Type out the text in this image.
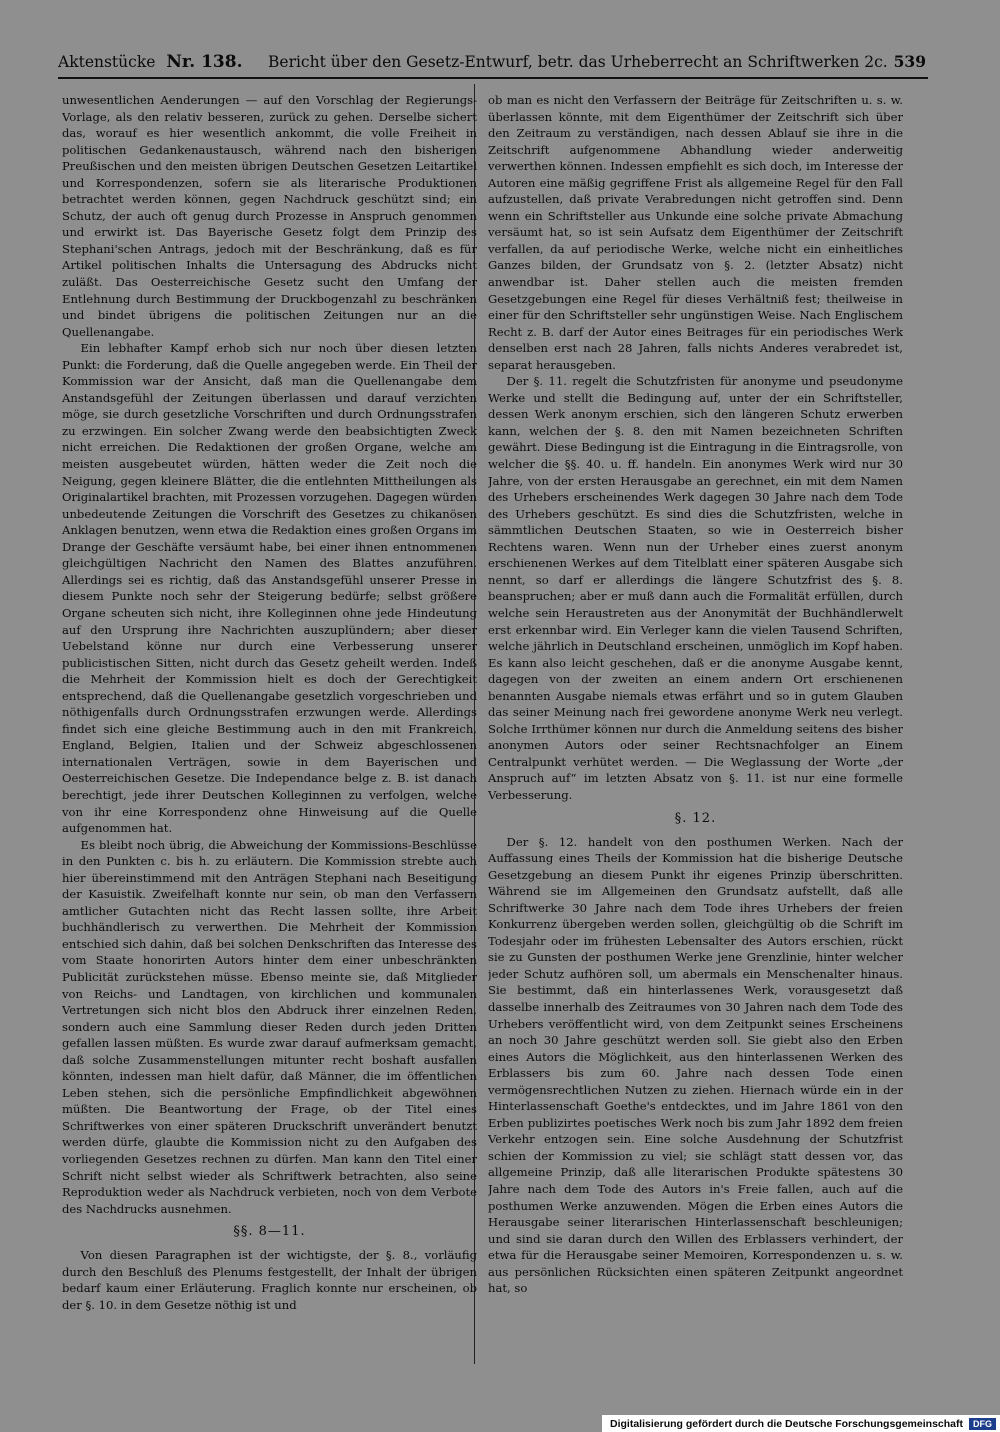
Aktenstücke Nr. 138.	Bericht über den Gesetz-Entwurf, betr. das Urheberrecht an Schriftwerken 2c. 539

unwesentlichen Aenderungen — auf den Vorschlag der Regierungs-Vorlage, als den relativ besseren, zurück zu gehen. Derselbe sichert das, worauf es hier wesentlich ankommt, die volle Freiheit in politischen Gedankenaustausch, während nach den bisherigen Preußischen und den meisten übrigen Deutschen Gesetzen Leitartikel und Korrespondenzen, sofern sie als literarische Produktionen betrachtet werden können, gegen Nachdruck geschützt sind; ein Schutz, der auch oft genug durch Prozesse in Anspruch genommen und erwirkt ist. Das Bayerische Gesetz folgt dem Prinzip des Stephani'schen Antrags, jedoch mit der Beschränkung, daß es für Artikel politischen Inhalts die Untersagung des Abdrucks nicht zuläßt. Das Oesterreichische Gesetz sucht den Umfang der Entlehnung durch Bestimmung der Druckbogenzahl zu beschränken und bindet übrigens die politischen Zeitungen nur an die Quellenangabe.

Ein lebhafter Kampf erhob sich nur noch über diesen letzten Punkt: die Forderung, daß die Quelle angegeben werde. Ein Theil der Kommission war der Ansicht, daß man die Quellenangabe dem Anstandsgefühl der Zeitungen überlassen und darauf verzichten möge, sie durch gesetzliche Vorschriften und durch Ordnungsstrafen zu erzwingen. Ein solcher Zwang werde den beabsichtigten Zweck nicht erreichen. Die Redaktionen der großen Organe, welche am meisten ausgebeutet würden, hätten weder die Zeit noch die Neigung, gegen kleinere Blätter, die die entlehnten Mittheilungen als Originalartikel brachten, mit Prozessen vorzugehen. Dagegen würden unbedeutende Zeitungen die Vorschrift des Gesetzes zu chikanösen Anklagen benutzen, wenn etwa die Redaktion eines großen Organs im Drange der Geschäfte versäumt habe, bei einer ihnen entnommenen gleichgültigen Nachricht den Namen des Blattes anzuführen. Allerdings sei es richtig, daß das Anstandsgefühl unserer Presse in diesem Punkte noch sehr der Steigerung bedürfe; selbst größere Organe scheuten sich nicht, ihre Kolleginnen ohne jede Hindeutung auf den Ursprung ihre Nachrichten auszuplündern; aber dieser Uebelstand könne nur durch eine Verbesserung unserer publicistischen Sitten, nicht durch das Gesetz geheilt werden. Indeß die Mehrheit der Kommission hielt es doch der Gerechtigkeit entsprechend, daß die Quellenangabe gesetzlich vorgeschrieben und nöthigenfalls durch Ordnungsstrafen erzwungen werde. Allerdings findet sich eine gleiche Bestimmung auch in den mit Frankreich, England, Belgien, Italien und der Schweiz abgeschlossenen internationalen Verträgen, sowie in dem Bayerischen und Oesterreichischen Gesetze. Die Independance belge z. B. ist danach berechtigt, jede ihrer Deutschen Kolleginnen zu verfolgen, welche von ihr eine Korrespondenz ohne Hinweisung auf die Quelle aufgenommen hat.

Es bleibt noch übrig, die Abweichung der Kommissions-Beschlüsse in den Punkten c. bis h. zu erläutern. Die Kommission strebte auch hier übereinstimmend mit den Anträgen Stephani nach Beseitigung der Kasuistik. Zweifelhaft konnte nur sein, ob man den Verfassern amtlicher Gutachten nicht das Recht lassen sollte, ihre Arbeit buchhändlerisch zu verwerthen. Die Mehrheit der Kommission entschied sich dahin, daß bei solchen Denkschriften das Interesse des vom Staate honorirten Autors hinter dem einer unbeschränkten Publicität zurückstehen müsse. Ebenso meinte sie, daß Mitglieder von Reichs- und Landtagen, von kirchlichen und kommunalen Vertretungen sich nicht blos den Abdruck ihrer einzelnen Reden, sondern auch eine Sammlung dieser Reden durch jeden Dritten gefallen lassen müßten. Es wurde zwar darauf aufmerksam gemacht, daß solche Zusammenstellungen mitunter recht boshaft ausfallen könnten, indessen man hielt dafür, daß Männer, die im öffentlichen Leben stehen, sich die persönliche Empfindlichkeit abgewöhnen müßten. Die Beantwortung der Frage, ob der Titel eines Schriftwerkes von einer späteren Druckschrift unverändert benutzt werden dürfe, glaubte die Kommission nicht zu den Aufgaben des vorliegenden Gesetzes rechnen zu dürfen. Man kann den Titel einer Schrift nicht selbst wieder als Schriftwerk betrachten, also seine Reproduktion weder als Nachdruck verbieten, noch von dem Verbote des Nachdrucks ausnehmen.

§§. 8—11.

Von diesen Paragraphen ist der wichtigste, der §. 8., vorläufig durch den Beschluß des Plenums festgestellt, der Inhalt der übrigen bedarf kaum einer Erläuterung. Fraglich konnte nur erscheinen, ob der §. 10. in dem Gesetze nöthig ist und

ob man es nicht den Verfassern der Beiträge für Zeitschriften u. s. w. überlassen könnte, mit dem Eigenthümer der Zeitschrift sich über den Zeitraum zu verständigen, nach dessen Ablauf sie ihre in die Zeitschrift aufgenommene Abhandlung wieder anderweitig verwerthen können. Indessen empfiehlt es sich doch, im Interesse der Autoren eine mäßig gegriffene Frist als allgemeine Regel für den Fall aufzustellen, daß private Verabredungen nicht getroffen sind. Denn wenn ein Schriftsteller aus Unkunde eine solche private Abmachung versäumt hat, so ist sein Aufsatz dem Eigenthümer der Zeitschrift verfallen, da auf periodische Werke, welche nicht ein einheitliches Ganzes bilden, der Grundsatz von §. 2. (letzter Absatz) nicht anwendbar ist. Daher stellen auch die meisten fremden Gesetzgebungen eine Regel für dieses Verhältniß fest; theilweise in einer für den Schriftsteller sehr ungünstigen Weise. Nach Englischem Recht z. B. darf der Autor eines Beitrages für ein periodisches Werk denselben erst nach 28 Jahren, falls nichts Anderes verabredet ist, separat herausgeben.

Der §. 11. regelt die Schutzfristen für anonyme und pseudonyme Werke und stellt die Bedingung auf, unter der ein Schriftsteller, dessen Werk anonym erschien, sich den längeren Schutz erwerben kann, welchen der §. 8. den mit Namen bezeichneten Schriften gewährt. Diese Bedingung ist die Eintragung in die Eintragsrolle, von welcher die §§. 40. u. ff. handeln. Ein anonymes Werk wird nur 30 Jahre, von der ersten Herausgabe an gerechnet, ein mit dem Namen des Urhebers erscheinendes Werk dagegen 30 Jahre nach dem Tode des Urhebers geschützt. Es sind dies die Schutzfristen, welche in sämmtlichen Deutschen Staaten, so wie in Oesterreich bisher Rechtens waren. Wenn nun der Urheber eines zuerst anonym erschienenen Werkes auf dem Titelblatt einer späteren Ausgabe sich nennt, so darf er allerdings die längere Schutzfrist des §. 8. beanspruchen; aber er muß dann auch die Formalität erfüllen, durch welche sein Heraustreten aus der Anonymität der Buchhändlerwelt erst erkennbar wird. Ein Verleger kann die vielen Tausend Schriften, welche jährlich in Deutschland erscheinen, unmöglich im Kopf haben. Es kann also leicht geschehen, daß er die anonyme Ausgabe kennt, dagegen von der zweiten an einem andern Ort erschienenen benannten Ausgabe niemals etwas erfährt und so in gutem Glauben das seiner Meinung nach frei gewordene anonyme Werk neu verlegt. Solche Irrthümer können nur durch die Anmeldung seitens des bisher anonymen Autors oder seiner Rechtsnachfolger an Einem Centralpunkt verhütet werden. — Die Weglassung der Worte „der Anspruch auf“ im letzten Absatz von §. 11. ist nur eine formelle Verbesserung.

§. 12.

Der §. 12. handelt von den posthumen Werken. Nach der Auffassung eines Theils der Kommission hat die bisherige Deutsche Gesetzgebung an diesem Punkt ihr eigenes Prinzip überschritten. Während sie im Allgemeinen den Grundsatz aufstellt, daß alle Schriftwerke 30 Jahre nach dem Tode ihres Urhebers der freien Konkurrenz übergeben werden sollen, gleichgültig ob die Schrift im Todesjahr oder im frühesten Lebensalter des Autors erschien, rückt sie zu Gunsten der posthumen Werke jene Grenzlinie, hinter welcher jeder Schutz aufhören soll, um abermals ein Menschenalter hinaus. Sie bestimmt, daß ein hinterlassenes Werk, vorausgesetzt daß dasselbe innerhalb des Zeitraumes von 30 Jahren nach dem Tode des Urhebers veröffentlicht wird, von dem Zeitpunkt seines Erscheinens an noch 30 Jahre geschützt werden soll. Sie giebt also den Erben eines Autors die Möglichkeit, aus den hinterlassenen Werken des Erblassers bis zum 60. Jahre nach dessen Tode einen vermögensrechtlichen Nutzen zu ziehen. Hiernach würde ein in der Hinterlassenschaft Goethe's entdecktes, und im Jahre 1861 von den Erben publizirtes poetisches Werk noch bis zum Jahr 1892 dem freien Verkehr entzogen sein. Eine solche Ausdehnung der Schutzfrist schien der Kommission zu viel; sie schlägt statt dessen vor, das allgemeine Prinzip, daß alle literarischen Produkte spätestens 30 Jahre nach dem Tode des Autors in's Freie fallen, auch auf die posthumen Werke anzuwenden. Mögen die Erben eines Autors die Herausgabe seiner literarischen Hinterlassenschaft beschleunigen; und sind sie daran durch den Willen des Erblassers verhindert, der etwa für die Herausgabe seiner Memoiren, Korrespondenzen u. s. w. aus persönlichen Rücksichten einen späteren Zeitpunkt angeordnet hat, so

Digitalisierung gefördert durch die Deutsche Forschungsgemeinschaft	DFG
